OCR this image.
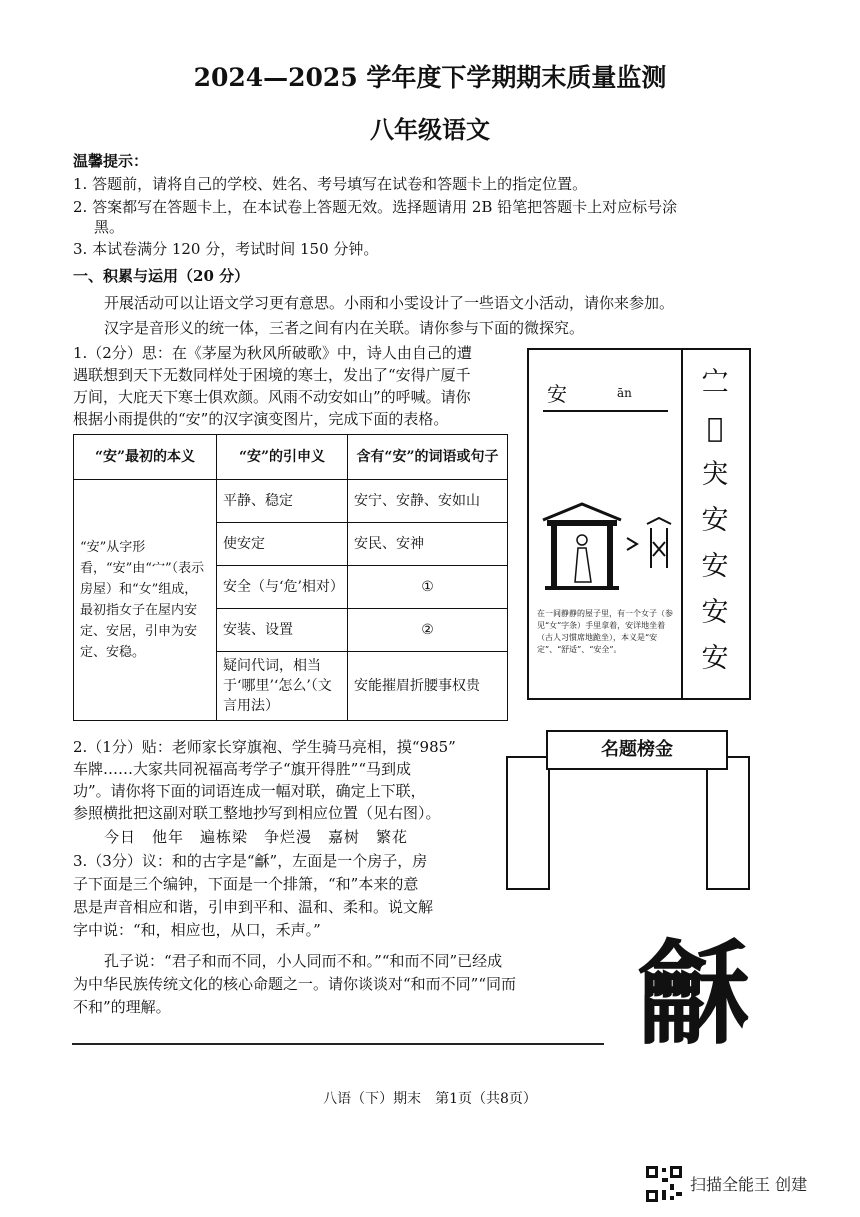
2024—2025 学年度下学期期末质量监测
八年级语文
温馨提示：
1. 答题前，请将自己的学校、姓名、考号填写在试卷和答题卡上的指定位置。
2. 答案都写在答题卡上，在本试卷上答题无效。选择题请用 2B 铅笔把答题卡上对应标号涂
黑。
3. 本试卷满分 120 分，考试时间 150 分钟。
一、积累与运用（20 分）
开展活动可以让语文学习更有意思。小雨和小雯设计了一些语文小活动，请你来参加。
汉字是音形义的统一体，三者之间有内在关联。请你参与下面的微探究。
1.（2分）思：在《茅屋为秋风所破歌》中，诗人由自己的遭
遇联想到天下无数同样处于困境的寒士，发出了“安得广厦千
万间，大庇天下寒士俱欢颜。风雨不动安如山”的呼喊。请你
根据小雨提供的“安”的汉字演变图片，完成下面的表格。
“安”最初的本义	“安”的引申义	含有“安”的词语或句子
“安”从字形看，“安”由“宀”（表示房屋）和“女”组成，最初指女子在屋内安定、安居，引申为安定、安稳。	平静、稳定	安宁、安静、安如山
	使安定	安民、安神
	安全（与‘危’相对）	①
	安装、设置	②
	疑问代词，相当于‘哪里’‘怎么’（文言用法）	安能摧眉折腰事权贵
安	ān
在一间静静的屋子里，有一个女子（参见“女”字条）手里拿着，安详地坐着（古人习惯席地跪坐），本义是“安定”、“舒适”、“安全”。
㝉
𡧊
宊
安
安
安
安
2.（1分）贴：老师家长穿旗袍、学生骑马亮相，摸“985”
车牌……大家共同祝福高考学子“旗开得胜”“马到成
功”。请你将下面的词语连成一幅对联，确定上下联，
参照横批把这副对联工整地抄写到相应位置（见右图）。
今日　他年　遍栋梁　争烂漫　嘉树　繁花
名题榜金
3.（3分）议：和的古字是“龢”，左面是一个房子，房
子下面是三个编钟，下面是一个排箫，“和”本来的意
思是声音相应和谐，引申到平和、温和、柔和。说文解
字中说：“和，相应也，从口，禾声。”
孔子说：“君子和而不同，小人同而不和。”“和而不同”已经成
为中华民族传统文化的核心命题之一。请你谈谈对“和而不同”“同而
不和”的理解。	龢
八语（下）期末　第1页（共8页）
扫描全能王 创建
